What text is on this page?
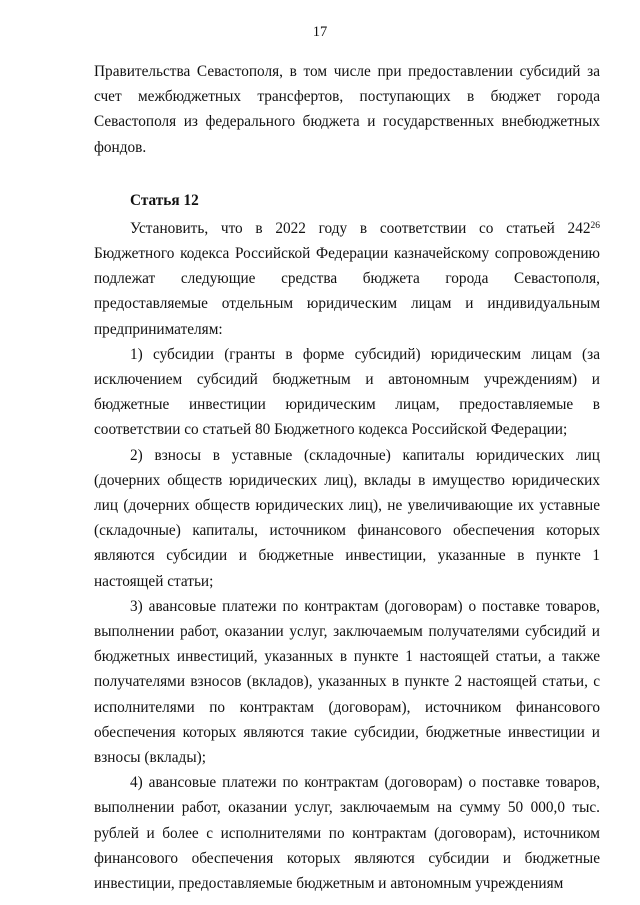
17

Правительства Севастополя, в том числе при предоставлении субсидий за счет межбюджетных трансфертов, поступающих в бюджет города Севастополя из федерального бюджета и государственных внебюджетных фондов.

Статья 12

Установить, что в 2022 году в соответствии со статьей $242^{26}$ Бюджетного кодекса Российской Федерации казначейскому сопровождению подлежат следующие средства бюджета города Севастополя, предоставляемые отдельным юридическим лицам и индивидуальным предпринимателям:

1) субсидии (гранты в форме субсидий) юридическим лицам (за исключением субсидий бюджетным и автономным учреждениям) и бюджетные инвестиции юридическим лицам, предоставляемые в соответствии со статьей 80 Бюджетного кодекса Российской Федерации;

2) взносы в уставные (складочные) капиталы юридических лиц (дочерних обществ юридических лиц), вклады в имущество юридических лиц (дочерних обществ юридических лиц), не увеличивающие их уставные (складочные) капиталы, источником финансового обеспечения которых являются субсидии и бюджетные инвестиции, указанные в пункте 1 настоящей статьи;

3) авансовые платежи по контрактам (договорам) о поставке товаров, выполнении работ, оказании услуг, заключаемым получателями субсидий и бюджетных инвестиций, указанных в пункте 1 настоящей статьи, а также получателями взносов (вкладов), указанных в пункте 2 настоящей статьи, с исполнителями по контрактам (договорам), источником финансового обеспечения которых являются такие субсидии, бюджетные инвестиции и взносы (вклады);

4) авансовые платежи по контрактам (договорам) о поставке товаров, выполнении работ, оказании услуг, заключаемым на сумму 50 000,0 тыс. рублей и более с исполнителями по контрактам (договорам), источником финансового обеспечения которых являются субсидии и бюджетные инвестиции, предоставляемые бюджетным и автономным учреждениям
